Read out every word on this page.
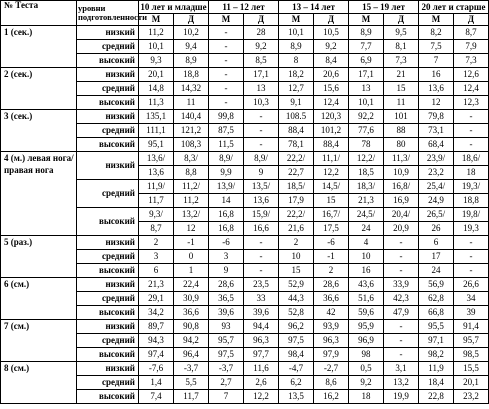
№ Теста	уровни подготовленности	10 лет и младше		11 – 12 лет		13 – 14 лет		15 – 19 лет		20 лет и старше	
		М	Д	М	Д	М	Д	М	Д	М	Д
1 (сек.)	низкий	11,2	10,2	-	28	10,1	10,5	8,9	9,5	8,2	8,7
	средний	10,1	9,4	-	9,2	8,9	9,2	7,7	8,1	7,5	7,9
	высокий	9,3	8,9	-	8,5	8	8,4	6,9	7,3	7	7,3
2 (сек.)	низкий	20,1	18,8	-	17,1	18,2	20,6	17,1	21	16	12,6
	средний	14,8	14,32	-	13	12,7	15,6	13	15	13,6	12,4
	высокий	11,3	11	-	10,3	9,1	12,4	10,1	11	12	12,3
3 (сек.)	низкий	135,1	140,4	99,8	-	108.5	120,3	92,2	101	79,8	-
	средний	111,1	121,2	87,5	-	88,4	101,2	77,6	88	73,1	-
	высокий	95,1	108,3	11,5	-	78,1	88,4	78	80	68,4	-
4 (м.) левая нога/правая нога	низкий	13,6/	8,3/	8,9/	8,9/	22,2/	11,1/	12,2/	11,3/	23,9/	18,6/
		13,6	8,8	9,9	9	22,7	12,2	18,5	10,9	23,2	18
	средний	11,9/	11,2/	13,9/	13,5/	18,5/	14,5/	18,3/	16,8/	25,4/	19,3/
		11,7	11,2	14	13,6	17,9	15	21,3	16,9	24,9	18,8
	высокий	9,3/	13,2/	16,8	15,9/	22,2/	16,7/	24,5/	20,4/	26,5/	19,8/
		8,7	12	16,8	16,6	21,6	17,5	24	20,9	26	19,3
5 (раз.)	низкий	2	-1	-6	-	2	-6	4	-	6	-
	средний	3	0	3	-	10	-1	10	-	17	-
	высокий	6	1	9	-	15	2	16	-	24	-
6 (см.)	низкий	21,3	22,4	28,6	23,5	52,9	28,6	43,6	33,9	56,9	26,6
	средний	29,1	30,9	36,5	33	44,3	36,6	51,6	42,3	62,8	34
	высокий	34,2	36,6	39,6	39,6	52,8	42	59,6	47,9	66,8	39
7 (см.)	низкий	89,7	90,8	93	94,4	96,2	93,9	95,9	-	95,5	91,4
	средний	94,3	94,2	95,7	96,3	97,5	96,3	96,9	-	97,1	95,7
	высокий	97,4	96,4	97,5	97,7	98,4	97,9	98	-	98,2	98,5
8 (см.)	низкий	-7,6	-3,7	-3,7	11,6	-4,7	-2,7	0,5	3,1	11,9	15,5
	средний	1,4	5,5	2,7	2,6	6,2	8,6	9,2	13,2	18,4	20,1
	высокий	7,4	11,7	7	12,2	13,5	16,2	18	19,9	22,8	23,2
